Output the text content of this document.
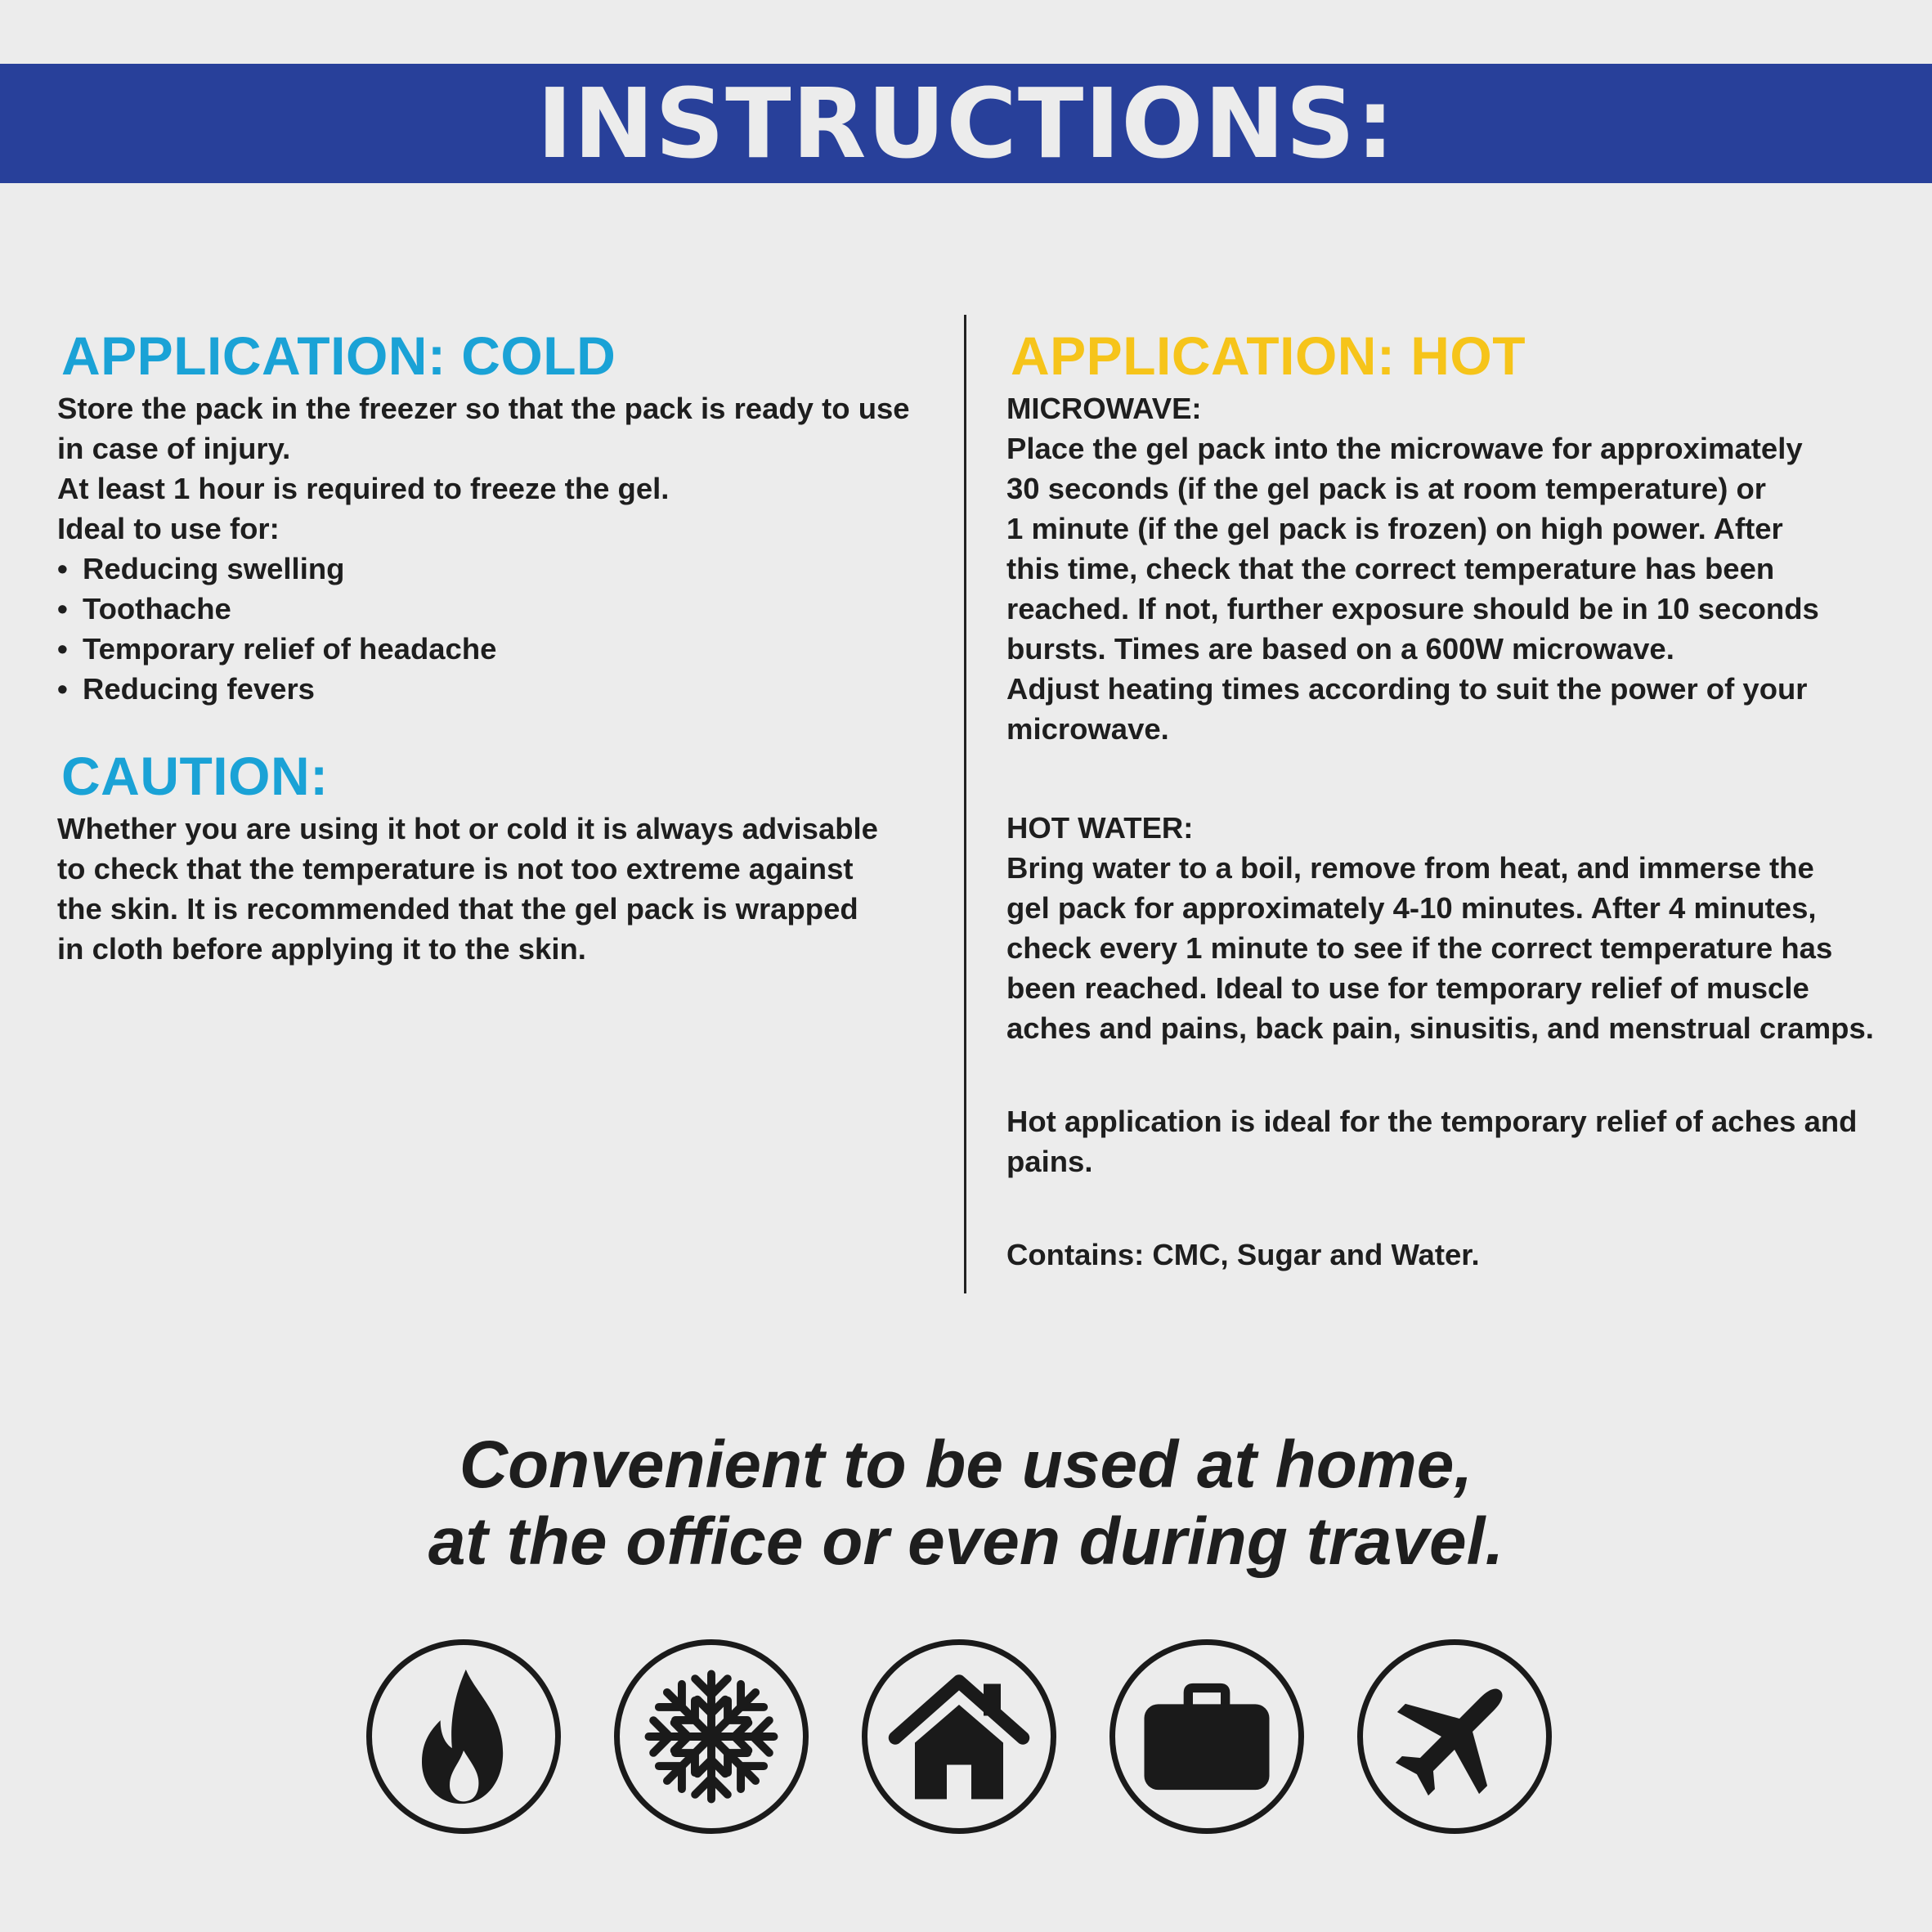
INSTRUCTIONS:
APPLICATION: COLD

Store the pack in the freezer so that the pack is ready to use

in case of injury.

At least 1 hour is required to freeze the gel.

Ideal to use for:

• Reducing swelling
• Toothache
• Temporary relief of headache
• Reducing fevers
CAUTION:

Whether you are using it hot or cold it is always advisable

to check that the temperature is not too extreme against

the skin. It is recommended that the gel pack is wrapped

in cloth before applying it to the skin.

APPLICATION: HOT

MICROWAVE:

Place the gel pack into the microwave for approximately

30 seconds (if the gel pack is at room temperature) or

1 minute (if the gel pack is frozen) on high power. After

this time, check that the correct temperature has been

reached. If not, further exposure should be in 10 seconds

bursts. Times are based on a 600W microwave.

Adjust heating times according to suit the power of your

microwave.

HOT WATER:

Bring water to a boil, remove from heat, and immerse the

gel pack for approximately 4-10 minutes. After 4 minutes,

check every 1 minute to see if the correct temperature has

been reached. Ideal to use for temporary relief of muscle

aches and pains, back pain, sinusitis, and menstrual cramps.

Hot application is ideal for the temporary relief of aches and

pains.

Contains: CMC, Sugar and Water.

Convenient to be used at home,
at the office or even during travel.
